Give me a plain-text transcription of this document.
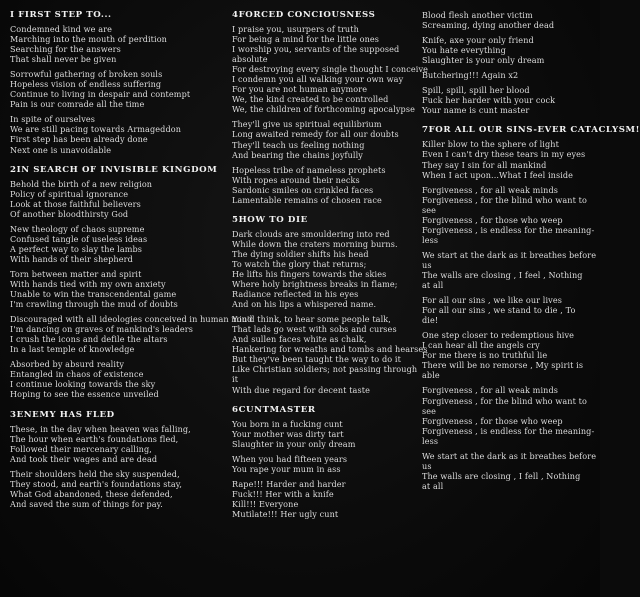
I FIRST STEP TO...
Condemned kind we are
Marching into the mouth of perdition
Searching for the answers
That shall never be given
Sorrowful gathering of broken souls
Hopeless vision of endless suffering
Continue to living in despair and contempt
Pain is our comrade all the time
In spite of ourselves
We are still pacing towards Armageddon
First step has been already done
Next one is unavoidable
2IN SEARCH OF INVISIBLE KINGDOM
Behold the birth of a new religion
Policy of spiritual ignorance
Look at those faithful believers
Of another bloodthirsty God
New theology of chaos supreme
Confused tangle of useless ideas
A perfect way to slay the lambs
With hands of their shepherd
Torn between matter and spirit
With hands tied with my own anxiety
Unable to win the transcendental game
I'm crawling through the mud of doubts
Discouraged with all ideologies conceived in human mind
I'm dancing on graves of mankind's leaders
I crush the icons and defile the altars
In a last temple of knowledge
Absorbed by absurd reality
Entangled in chaos of existence
I continue looking towards the sky
Hoping to see the essence unveiled
3ENEMY HAS FLED
These, in the day when heaven was falling,
The hour when earth's foundations fled,
Followed their mercenary calling,
And took their wages and are dead
Their shoulders held the sky suspended,
They stood, and earth's foundations stay,
What God abandoned, these defended,
And saved the sum of things for pay.
4FORCED CONCIOUSNESS
I praise you, usurpers of truth
For being a mind for the little ones
I worship you, servants of the supposed
absolute
For destroying every single thought I conceive
I condemn you all walking your own way
For you are not human anymore
We, the kind created to be controlled
We, the children of forthcoming apocalypse
They'll give us spiritual equilibrium
Long awaited remedy for all our doubts
They'll teach us feeling nothing
And bearing the chains joyfully
Hopeless tribe of nameless prophets
With ropes around their necks
Sardonic smiles on crinkled faces
Lamentable remains of chosen race
5HOW TO DIE
Dark clouds are smouldering into red
While down the craters morning burns.
The dying soldier shifts his head
To watch the glory that returns;
He lifts his fingers towards the skies
Where holy brightness breaks in flame;
Radiance reflected in his eyes
And on his lips a whispered name.
You'd think, to hear some people talk,
That lads go west with sobs and curses
And sullen faces white as chalk,
Hankering for wreaths and tombs and hearses
But they've been taught the way to do it
Like Christian soldiers; not passing through
it
With due regard for decent taste
6CUNTMASTER
You born in a fucking cunt
Your mother was dirty tart
Slaughter in your only dream
When you had fifteen years
You rape your mum in ass
Rape!!! Harder and harder
Fuck!!! Her with a knife
Kill!!! Everyone
Mutilate!!! Her ugly cunt
Blood flesh another victim
Screaming, dying another dead
Knife, axe your only friend
You hate everything
Slaughter is your only dream
Butchering!!! Again x2
Spill, spill, spill her blood
Fuck her harder with your cock
Your name is cunt master
7FOR ALL OUR SINS-EVER CATACLYSM!
Killer blow to the sphere of light
Even I can't dry these tears in my eyes
They say I sin for all mankind
When I act upon...What I feel inside
Forgiveness , for all weak minds
Forgiveness , for the blind who want to
see
Forgiveness , for those who weep
Forgiveness , is endless for the meaning-
less
We start at the dark as it breathes before
us
The walls are closing , I feel , Nothing
at all
For all our sins , we like our lives
For all our sins , we stand to die , To
die!
One step closer to redemptious hive
I can hear all the angels cry
For me there is no truthful lie
There will be no remorse , My spirit is
able
Forgiveness , for all weak minds
Forgiveness , for the blind who want to
see
Forgiveness , for those who weep
Forgiveness , is endless for the meaning-
less
We start at the dark as it breathes before
us
The walls are closing , I fell , Nothing
at all
